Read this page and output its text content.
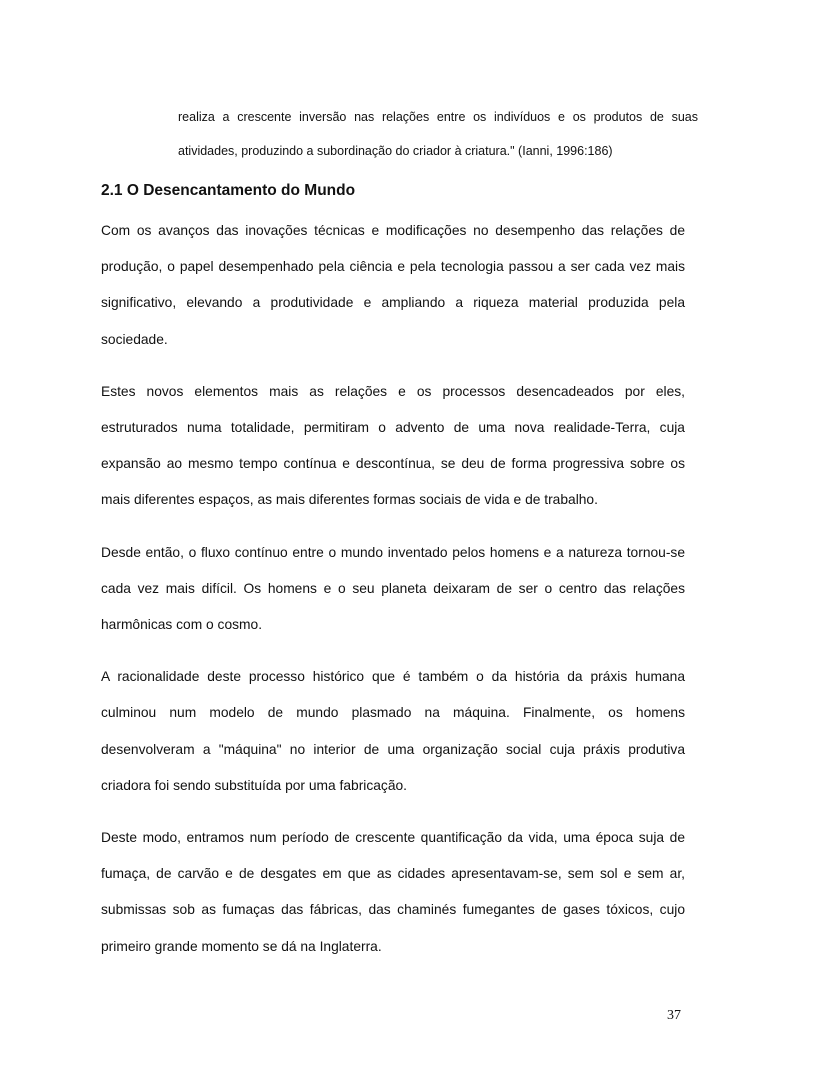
realiza a crescente inversão nas relações entre os indivíduos e os produtos de suas atividades, produzindo a subordinação do criador à criatura." (Ianni, 1996:186)

2.1 O Desencantamento do Mundo

Com os avanços das inovações técnicas e modificações no desempenho das relações de produção, o papel desempenhado pela ciência e pela tecnologia passou a ser cada vez mais significativo, elevando a produtividade e ampliando a riqueza material produzida pela sociedade.

Estes novos elementos mais as relações e os processos desencadeados por eles, estruturados numa totalidade, permitiram o advento de uma nova realidade-Terra, cuja expansão ao mesmo tempo contínua e descontínua, se deu de forma progressiva sobre os mais diferentes espaços, as mais diferentes formas sociais de vida e de trabalho.

Desde então, o fluxo contínuo entre o mundo inventado pelos homens e a natureza tornou-se cada vez mais difícil. Os homens e o seu planeta deixaram de ser o centro das relações harmônicas com o cosmo.

A racionalidade deste processo histórico que é também o da história da práxis humana culminou num modelo de mundo plasmado na máquina. Finalmente, os homens desenvolveram a "máquina" no interior de uma organização social cuja práxis produtiva criadora foi sendo substituída por uma fabricação.

Deste modo, entramos num período de crescente quantificação da vida, uma época suja de fumaça, de carvão e de desgates em que as cidades apresentavam-se, sem sol e sem ar, submissas sob as fumaças das fábricas, das chaminés fumegantes de gases tóxicos, cujo primeiro grande momento se dá na Inglaterra.

37
